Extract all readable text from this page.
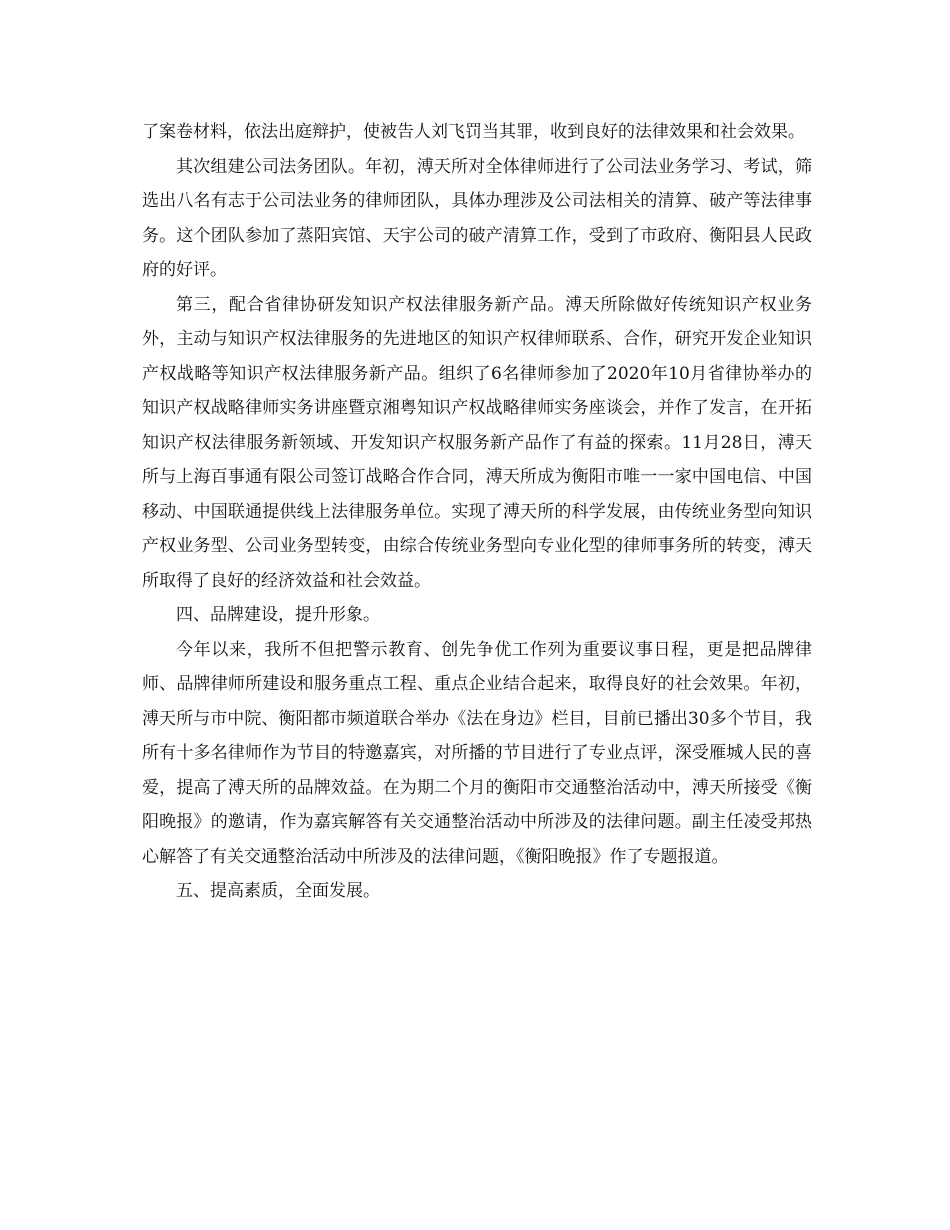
了案卷材料，依法出庭辩护，使被告人刘飞罚当其罪，收到良好的法律效果和社会效果。

其次组建公司法务团队。年初，溥天所对全体律师进行了公司法业务学习、考试，筛选出八名有志于公司法业务的律师团队，具体办理涉及公司法相关的清算、破产等法律事务。这个团队参加了蒸阳宾馆、天宇公司的破产清算工作，受到了市政府、衡阳县人民政府的好评。

第三，配合省律协研发知识产权法律服务新产品。溥天所除做好传统知识产权业务外，主动与知识产权法律服务的先进地区的知识产权律师联系、合作，研究开发企业知识产权战略等知识产权法律服务新产品。组织了6名律师参加了2020年10月省律协举办的知识产权战略律师实务讲座暨京湘粤知识产权战略律师实务座谈会，并作了发言，在开拓知识产权法律服务新领域、开发知识产权服务新产品作了有益的探索。11月28日，溥天所与上海百事通有限公司签订战略合作合同，溥天所成为衡阳市唯一一家中国电信、中国移动、中国联通提供线上法律服务单位。实现了溥天所的科学发展，由传统业务型向知识产权业务型、公司业务型转变，由综合传统业务型向专业化型的律师事务所的转变，溥天所取得了良好的经济效益和社会效益。

四、品牌建设，提升形象。

今年以来，我所不但把警示教育、创先争优工作列为重要议事日程，更是把品牌律师、品牌律师所建设和服务重点工程、重点企业结合起来，取得良好的社会效果。年初，溥天所与市中院、衡阳都市频道联合举办《法在身边》栏目，目前已播出30多个节目，我所有十多名律师作为节目的特邀嘉宾，对所播的节目进行了专业点评，深受雁城人民的喜爱，提高了溥天所的品牌效益。在为期二个月的衡阳市交通整治活动中，溥天所接受《衡阳晚报》的邀请，作为嘉宾解答有关交通整治活动中所涉及的法律问题。副主任凌受邦热心解答了有关交通整治活动中所涉及的法律问题，《衡阳晚报》作了专题报道。

五、提高素质，全面发展。
